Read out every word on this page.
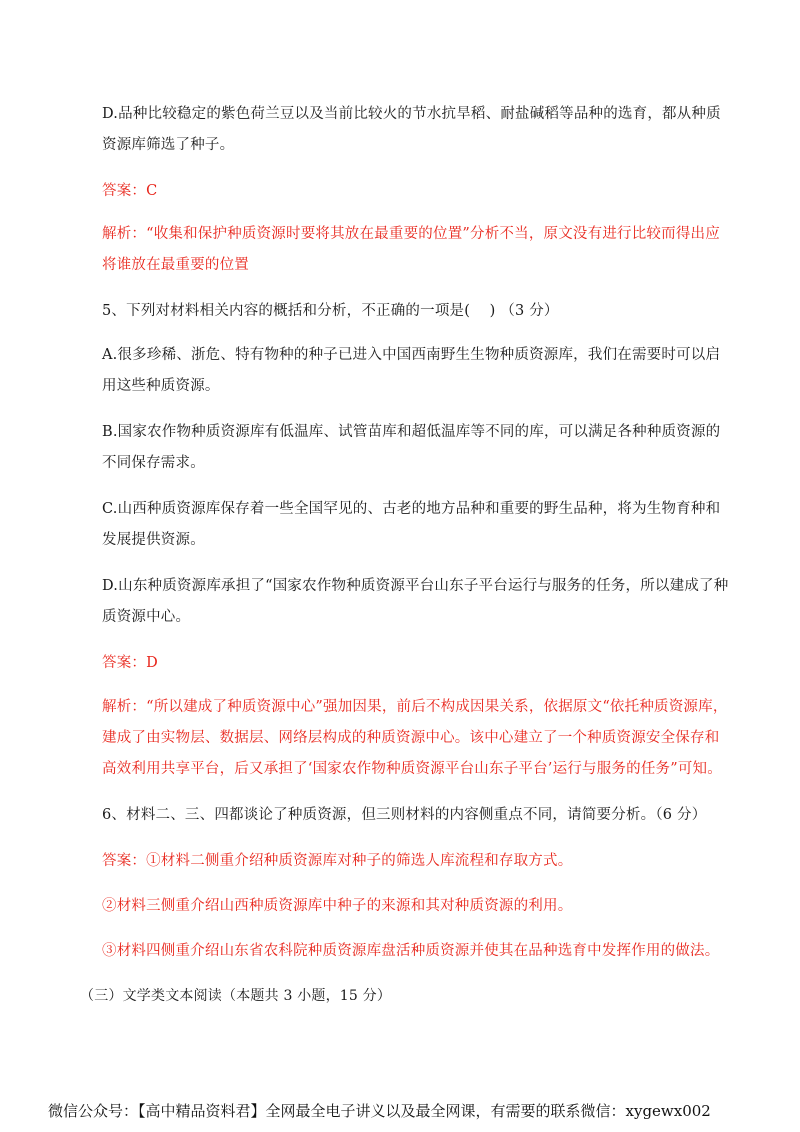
D.品种比较稳定的紫色荷兰豆以及当前比较火的节水抗旱稻、耐盐碱稻等品种的选育，都从种质资源库筛选了种子。

答案：C

解析：“收集和保护种质资源时要将其放在最重要的位置”分析不当，原文没有进行比较而得出应将谁放在最重要的位置

5、下列对材料相关内容的概括和分析，不正确的一项是(　 ) （3 分）

A.很多珍稀、浙危、特有物种的种子已进入中国西南野生生物种质资源库，我们在需要时可以启用这些种质资源。

B.国家农作物种质资源库有低温库、试管苗库和超低温库等不同的库，可以满足各种种质资源的不同保存需求。

C.山西种质资源库保存着一些全国罕见的、古老的地方品种和重要的野生品种，将为生物育种和发展提供资源。

D.山东种质资源库承担了“国家农作物种质资源平台山东子平台运行与服务的任务，所以建成了种质资源中心。

答案：D

解析：“所以建成了种质资源中心”强加因果，前后不构成因果关系，依据原文“依托种质资源库，建成了由实物层、数据层、网络层构成的种质资源中心。该中心建立了一个种质资源安全保存和高效利用共享平台，后又承担了‘国家农作物种质资源平台山东子平台’运行与服务的任务”可知。

6、材料二、三、四都谈论了种质资源，但三则材料的内容侧重点不同，请简要分析。（6 分）

答案：①材料二侧重介绍种质资源库对种子的筛选人库流程和存取方式。

②材料三侧重介绍山西种质资源库中种子的来源和其对种质资源的利用。

③材料四侧重介绍山东省农科院种质资源库盘活种质资源并使其在品种选育中发挥作用的做法。

（三）文学类文本阅读（本题共 3 小题，15 分）

微信公众号：【高中精品资料君】全网最全电子讲义以及最全网课，有需要的联系微信：xygewx002
